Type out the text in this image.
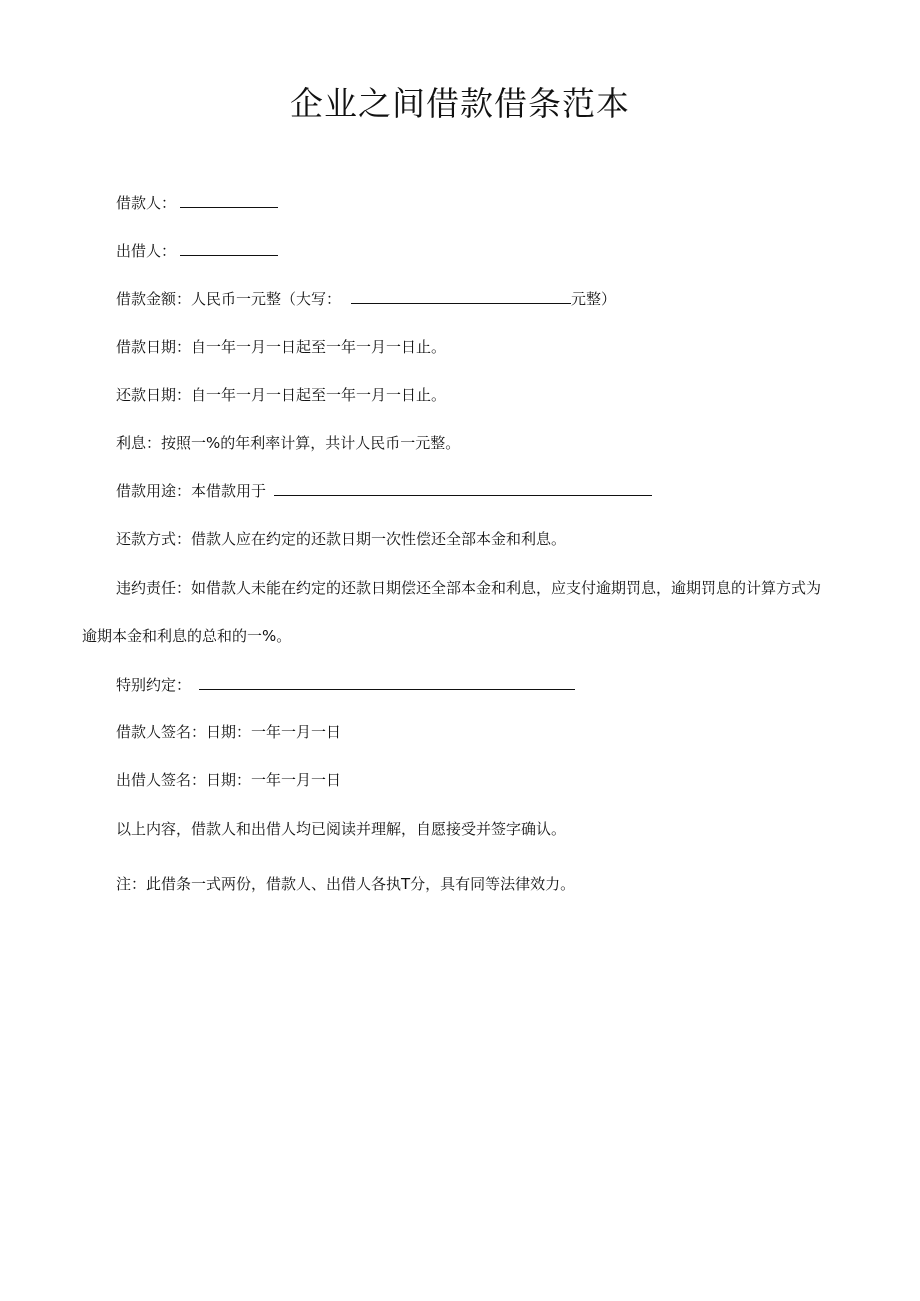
企业之间借款借条范本
借款人：
出借人：
借款金额：人民币一元整（大写：	元整）
借款日期：自一年一月一日起至一年一月一日止。
还款日期：自一年一月一日起至一年一月一日止。
利息：按照一%的年利率计算，共计人民币一元整。
借款用途：本借款用于
还款方式：借款人应在约定的还款日期一次性偿还全部本金和利息。
违约责任：如借款人未能在约定的还款日期偿还全部本金和利息，应支付逾期罚息，逾期罚息的计算方式为
逾期本金和利息的总和的一%。
特别约定：
借款人签名：日期：一年一月一日
出借人签名：日期：一年一月一日
以上内容，借款人和出借人均已阅读并理解，自愿接受并签字确认。
注：此借条一式两份，借款人、出借人各执T分，具有同等法律效力。
